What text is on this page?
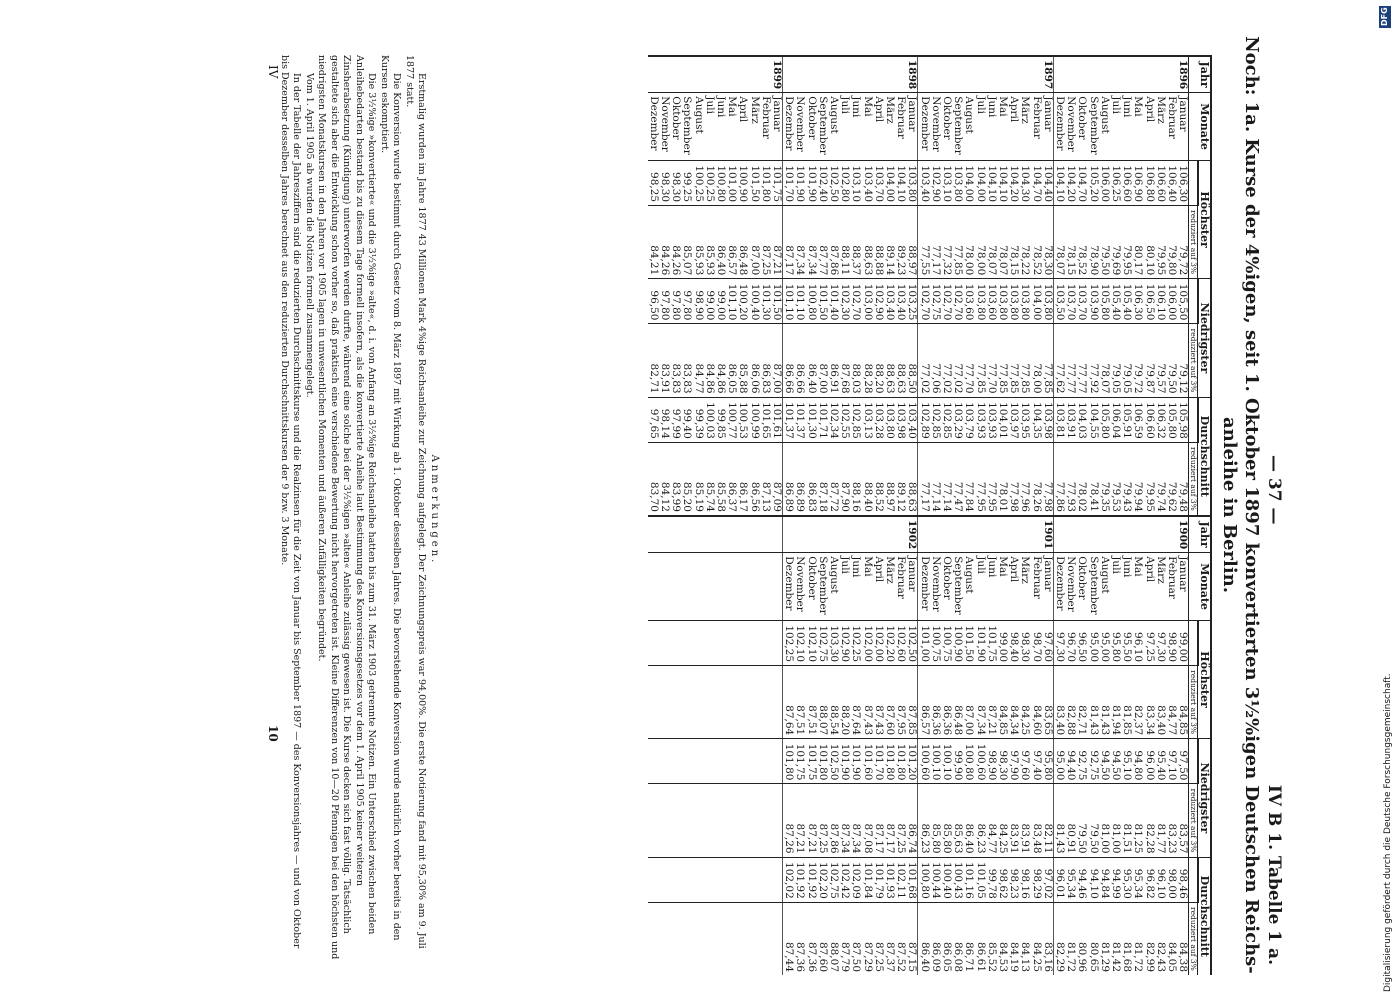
— 37 —
IV B 1. Tabelle 1 a.
Noch: 1a. Kurse der 4%igen, seit 1. Oktober 1897 konvertierten 3½%igen Deutschen Reichs-
anleihe in Berlin.
Jahr	Monate	Höchster		Niedrigster		Durchschnitt		Jahr	Monate	Höchster		Niedrigster		Durchschnitt	
			reduziert auf 3%		reduziert auf 3%		reduziert auf 3%				reduziert auf 3%		reduziert auf 3%		reduziert auf 3%
1896	Januar	106,30	79,72	105,50	79,12	105,98	79,48	1900	Januar	99,00	84,85	97,50	83,57	98,46	84,38
	Februar	106,40	79,80	106,00	79,50	105,80	79,62		Februar	98,90	84,77	97,10	83,23	98,00	84,05
	März	106,60	79,95	106,10	79,57	106,32	79,74		März	97,30	83,40	95,40	81,77	96,10	82,43
	April	106,80	80,10	106,50	79,87	106,60	79,95		April	97,25	83,34	96,00	82,28	96,82	82,99
	Mai	106,90	80,17	106,30	79,72	106,59	79,94		Mai	96,10	82,37	94,80	81,25	95,34	81,72
	Juni	106,60	79,95	105,40	79,05	105,91	79,43		Juni	95,50	81,85	95,10	81,51	95,30	81,68
	Juli	106,25	79,69	105,40	79,05	106,04	79,53		Juli	95,80	81,94	94,50	81,00	94,99	81,42
	August	106,00	79,50	105,80	78,07	105,80	79,35		August	95,00	81,43	94,50	81,00	94,84	81,29
	September	105,20	78,90	103,90	77,92	104,55	78,41		September	95,00	81,43	92,75	79,50	94,10	80,65
	Oktober	104,70	78,52	103,70	77,77	104,03	78,02		Oktober	96,50	82,71	92,75	79,50	94,46	80,96
	November	104,20	78,15	103,70	77,77	103,91	77,93		November	96,70	82,88	94,40	80,91	95,34	81,72
	Dezember	104,10	78,07	103,50	77,62	103,81	77,86		Dezember	97,30	83,40	95,00	81,43	96,01	82,29
1897	Januar	104,40	78,30	103,80	77,85	103,98	77,98	1901	Januar	97,60	83,65	95,80	82,11	97,02	83,16
	Februar	104,70	78,52	104,00	78,00	104,35	78,26		Februar	98,70	84,60	97,40	83,48	98,29	84,25
	März	104,30	78,22	103,80	77,85	103,95	77,96		März	98,30	84,25	97,60	83,91	98,16	84,13
	April	104,20	78,15	103,80	77,85	103,97	77,98		April	98,40	84,34	97,90	83,91	98,23	84,19
	Mai	104,10	78,07	103,80	77,85	104,01	78,01		Mai	99,00	84,85	98,30	84,25	98,62	84,53
	Juni	104,10	78,07	103,60	77,70	103,93	77,95		Juni	101,75	87,21	98,90	84,77	99,78	85,52
	Juli	104,00	78,00	103,80	77,85	103,93	77,95		Juli	101,90	87,34	100,60	86,23	101,05	86,61
	August	104,00	78,00	103,60	77,70	103,79	77,84		August	101,50	87,00	100,80	86,40	101,16	86,71
	September	103,80	77,85	102,70	77,02	103,29	77,47		September	100,90	86,48	99,90	85,63	100,43	86,08
	Oktober	103,10	77,32	102,70	77,02	102,85	77,14		Oktober	100,75	86,36	100,10	85,80	100,40	86,05
	November	102,90	77,17	102,75	77,06	102,85	77,14		November	100,75	86,36	100,10	85,80	100,44	86,09
	Dezember	103,40	77,55	102,70	77,02	102,89	77,17		Dezember	101,00	86,57	100,60	86,23	100,80	86,40
1898	Januar	103,80	88,97	103,25	88,50	103,40	88,63	1902	Januar	102,50	87,85	101,20	86,74	101,68	87,15
	Februar	104,10	89,23	103,40	88,63	103,98	89,12		Februar	102,60	87,95	101,80	87,25	102,11	87,52
	März	104,00	89,14	103,40	88,63	103,80	88,97		März	102,20	87,60	101,80	87,17	101,93	87,37
	April	103,70	88,88	102,90	88,20	103,28	88,52		April	102,00	87,43	101,70	87,17	101,79	87,25
	Mai	103,40	88,63	103,00	88,28	103,13	88,40		Mai	102,00	87,43	101,60	87,08	101,84	87,29
	Juni	103,10	88,37	102,70	88,03	102,85	88,16		Juni	102,25	87,64	101,90	87,34	102,09	87,50
	Juli	102,80	88,11	102,30	87,68	102,55	87,90		Juli	102,90	88,20	101,90	87,34	102,42	87,79
	August	102,50	87,86	101,40	86,91	102,34	87,72		August	103,30	88,54	102,50	87,86	102,75	88,07
	September	102,40	87,77	101,50	87,00	101,71	87,18		September	102,75	88,07	101,80	87,25	102,20	87,60
	Oktober	101,90	87,34	100,80	86,40	101,30	86,83		Oktober	102,10	87,51	101,75	87,21	101,92	87,36
	November	101,90	87,34	101,10	86,66	101,37	86,89		November	102,10	87,51	101,75	87,21	101,92	87,36
	Dezember	101,70	87,17	101,10	86,66	101,37	86,89		Dezember	102,25	87,64	101,80	87,26	102,02	87,44
1899	Januar	101,75	87,21	101,50	87,00	101,61	87,09								
	Februar	101,80	87,25	101,30	86,83	101,65	87,13								
	März	101,50	87,00	100,40	86,06	100,99	86,56								
	April	100,90	86,48	100,20	85,88	100,53	86,17								
	Mai	101,00	86,57	101,10	86,05	100,77	86,37								
	Juni	100,80	86,40	99,00	84,86	99,85	85,58								
	Juli	100,25	85,93	99,00	84,86	100,03	85,74								
	August	100,25	85,93	98,90	84,77	99,39	85,19								
	September	99,25	85,07	97,80	83,83	99,40	85,20								
	Oktober	98,30	84,26	97,80	83,83	97,99	83,99								
	November	98,30	84,26	97,80	83,91	98,14	84,12								
	Dezember	98,25	84,21	96,50	82,71	97,65	83,70								
Anmerkungen.

Erstmalig wurden im Jahre 1877 43 Millionen Mark 4%ige Reichsanleihe zur Zeichnung aufgelegt. Der Zeichnungspreis war 94,00%. Die erste Notierung fand mit 95,30% am 9. Juli 1877 statt.

Die Konversion wurde bestimmt durch Gesetz vom 8. März 1897 mit Wirkung ab 1. Oktober desselben Jahres. Die bevorstehende Konversion wurde natürlich vorher bereits in den Kursen eskomptiert.

Die 3½%ige »konvertierte« und die 3½%ige »alte«, d. i. von Anfang an 3½%ige Reichsanleihe hatten bis zum 31. März 1903 getrennte Notizen. Ein Unterschied zwischen beiden Anleihebedarten bestand bis zu diesem Tage formell insofern, als die konvertierte Anleihe laut Bestimmung des Konversionsgesetzes vor dem 1. April 1905 keiner weiteren Zinsherabsetzung (Kündigung) unterworfen werden durfte, während eine solche bei der 3½%igen »alten« Anleihe zulässig gewesen ist. Die Kurse decken sich fast völlig. Tatsächlich gestaltete sich aber die Entwicklung schon vorher so, daß praktisch eine verschiedene Bewertung nicht hervorgetreten ist. Kleine Differenzen von 10—20 Pfennigen bei den höchsten und niedrigsten Monatskursen in den Jahren vor 1905 lagen in unwesentlichen Momenten und äußeren Zufälligkeiten begründet.

Vom 1. April 1905 ab wurden die Notizen formell zusammengelegt.

In der Tabelle der Jahresziffern sind die reduzierten Durchschnittskurse und die Realzinsen für die Zeit von Januar bis September 1897 — des Konversionsjahres — und von Oktober bis Dezember desselben Jahres berechnet aus den reduzierten Durchschnittskursen der 9 bzw. 3 Monate.

IV
10
DFG
Digitalisierung gefördert durch die Deutsche Forschungsgemeinschaft.
